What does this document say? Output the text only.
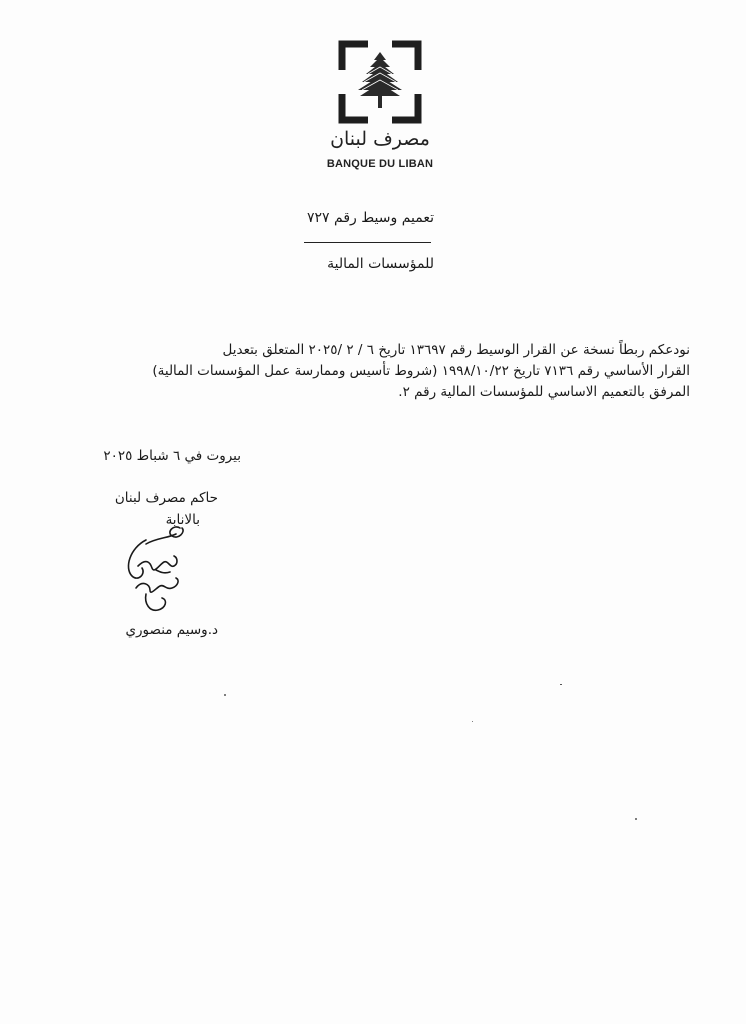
مصرف لبنان
BANQUE DU LIBAN
تعميم وسيط رقم ٧٢٧
للمؤسسات المالية

نودعكم ربطاً نسخة عن القرار الوسيط رقم ١٣٦٩٧ تاريخ ٦ / ٢ /٢٠٢٥ المتعلق بتعديل

القرار الأساسي رقم ٧١٣٦ تاريخ ١٩٩٨/١٠/٢٢ (شروط تأسيس وممارسة عمل المؤسسات المالية)

المرفق بالتعميم الاساسي للمؤسسات المالية رقم ٢.

بيروت في ٦ شباط ٢٠٢٥
حاكم مصرف لبنان
بالانابة
د.وسيم منصوري
